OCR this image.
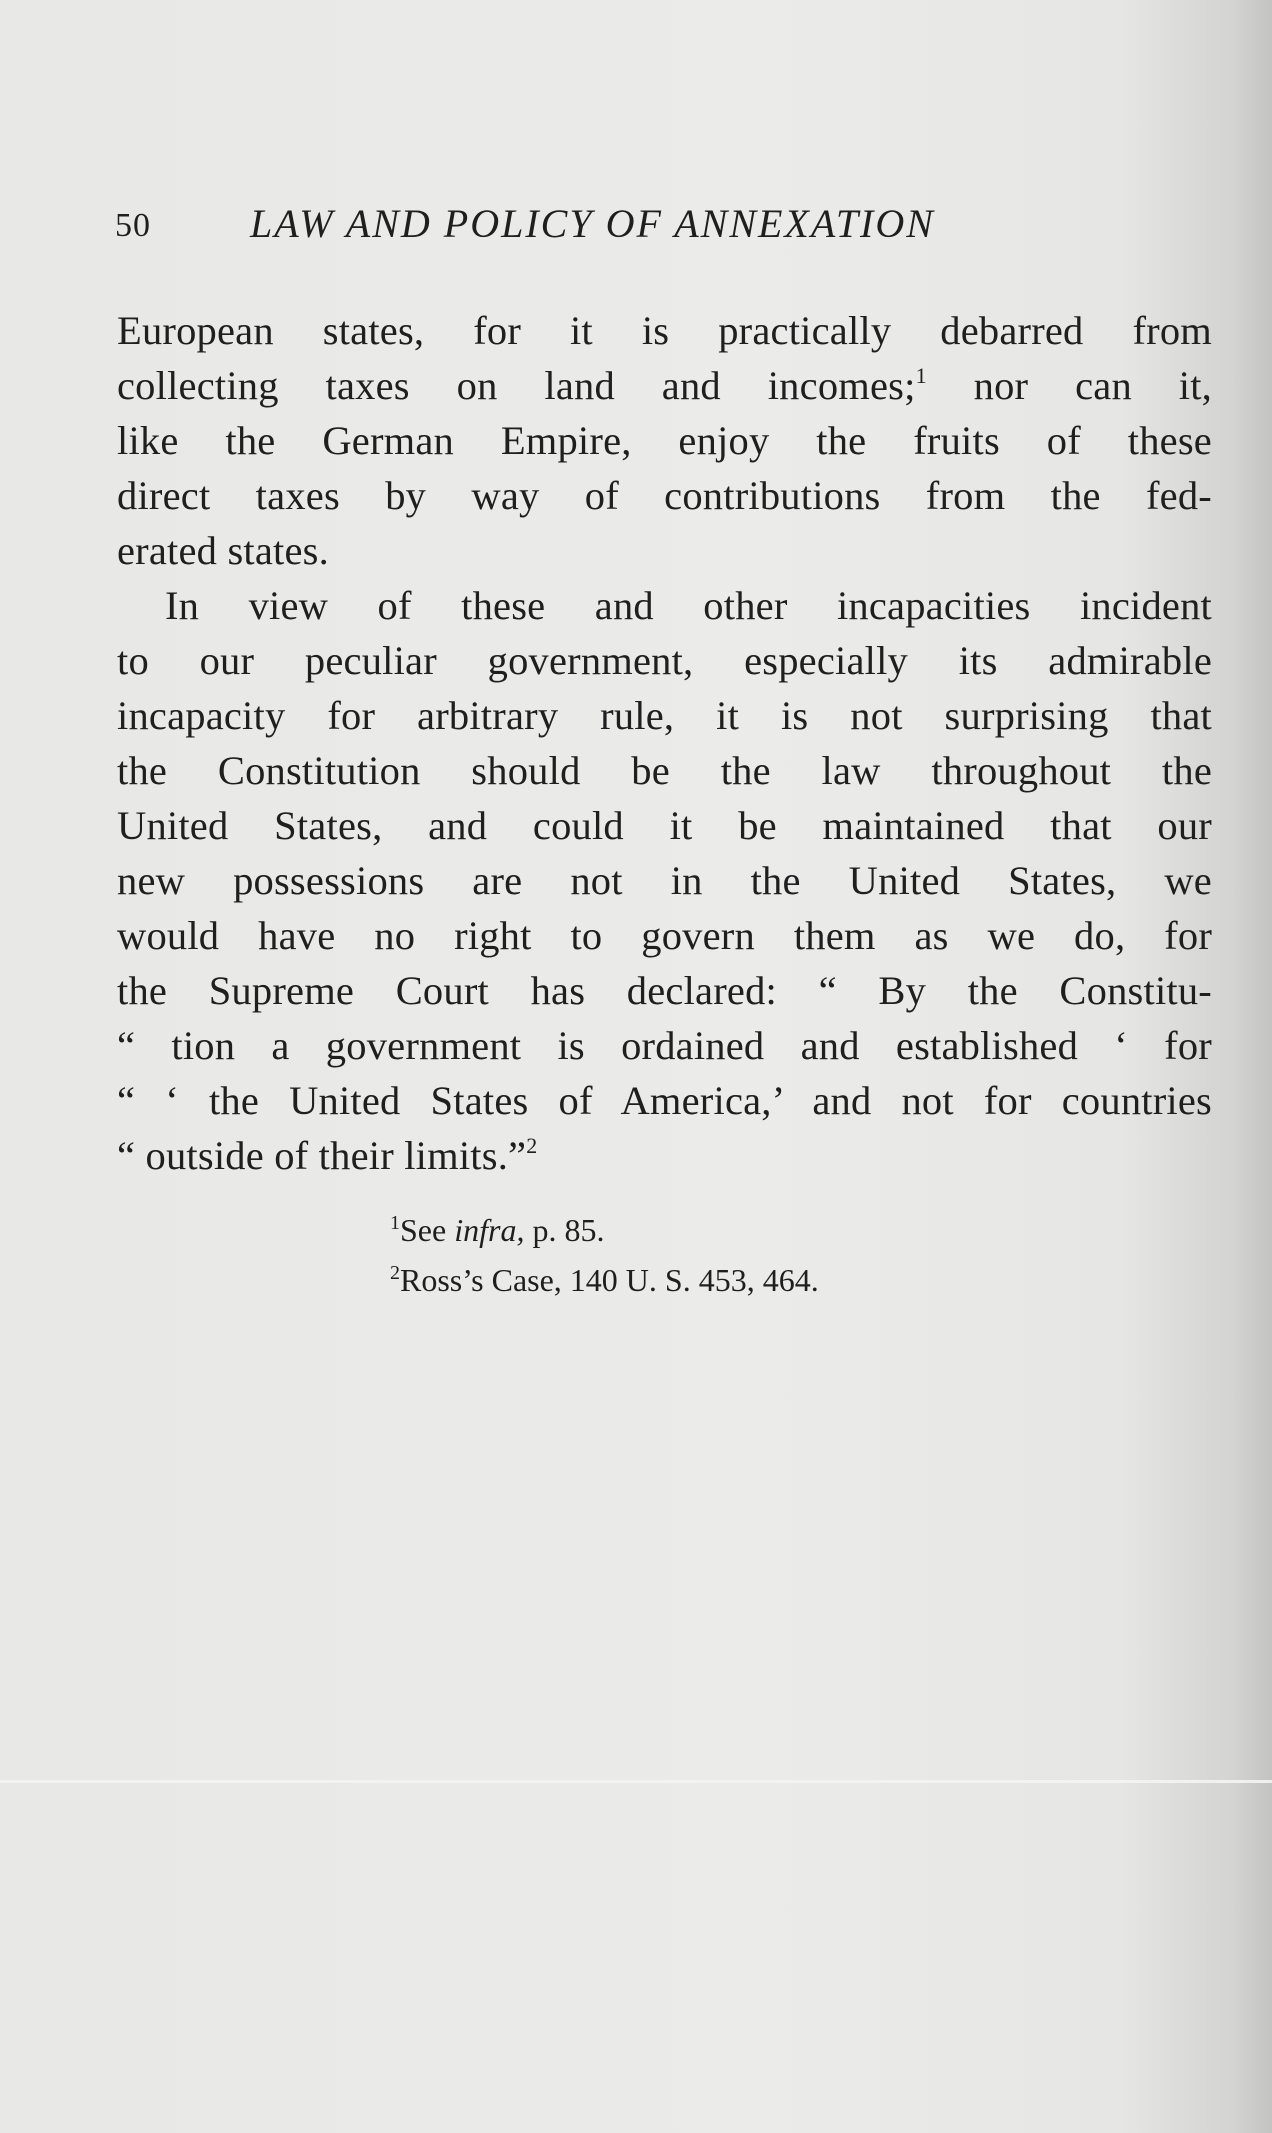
50 LAW AND POLICY OF ANNEXATION
European states, for it is practically debarred from
collecting taxes on land and incomes;$^1$ nor can it,
like the German Empire, enjoy the fruits of these
direct taxes by way of contributions from the fed-
erated states.
In view of these and other incapacities incident
to our peculiar government, especially its admirable
incapacity for arbitrary rule, it is not surprising that
the Constitution should be the law throughout the
United States, and could it be maintained that our
new possessions are not in the United States, we
would have no right to govern them as we do, for
the Supreme Court has declared: “ By the Constitu-
“ tion a government is ordained and established ‘ for
“ ‘ the United States of America,’ and not for countries
“ outside of their limits.”$^2$
$^1$See infra, p. 85.
$^2$Ross’s Case, 140 U. S. 453, 464.
